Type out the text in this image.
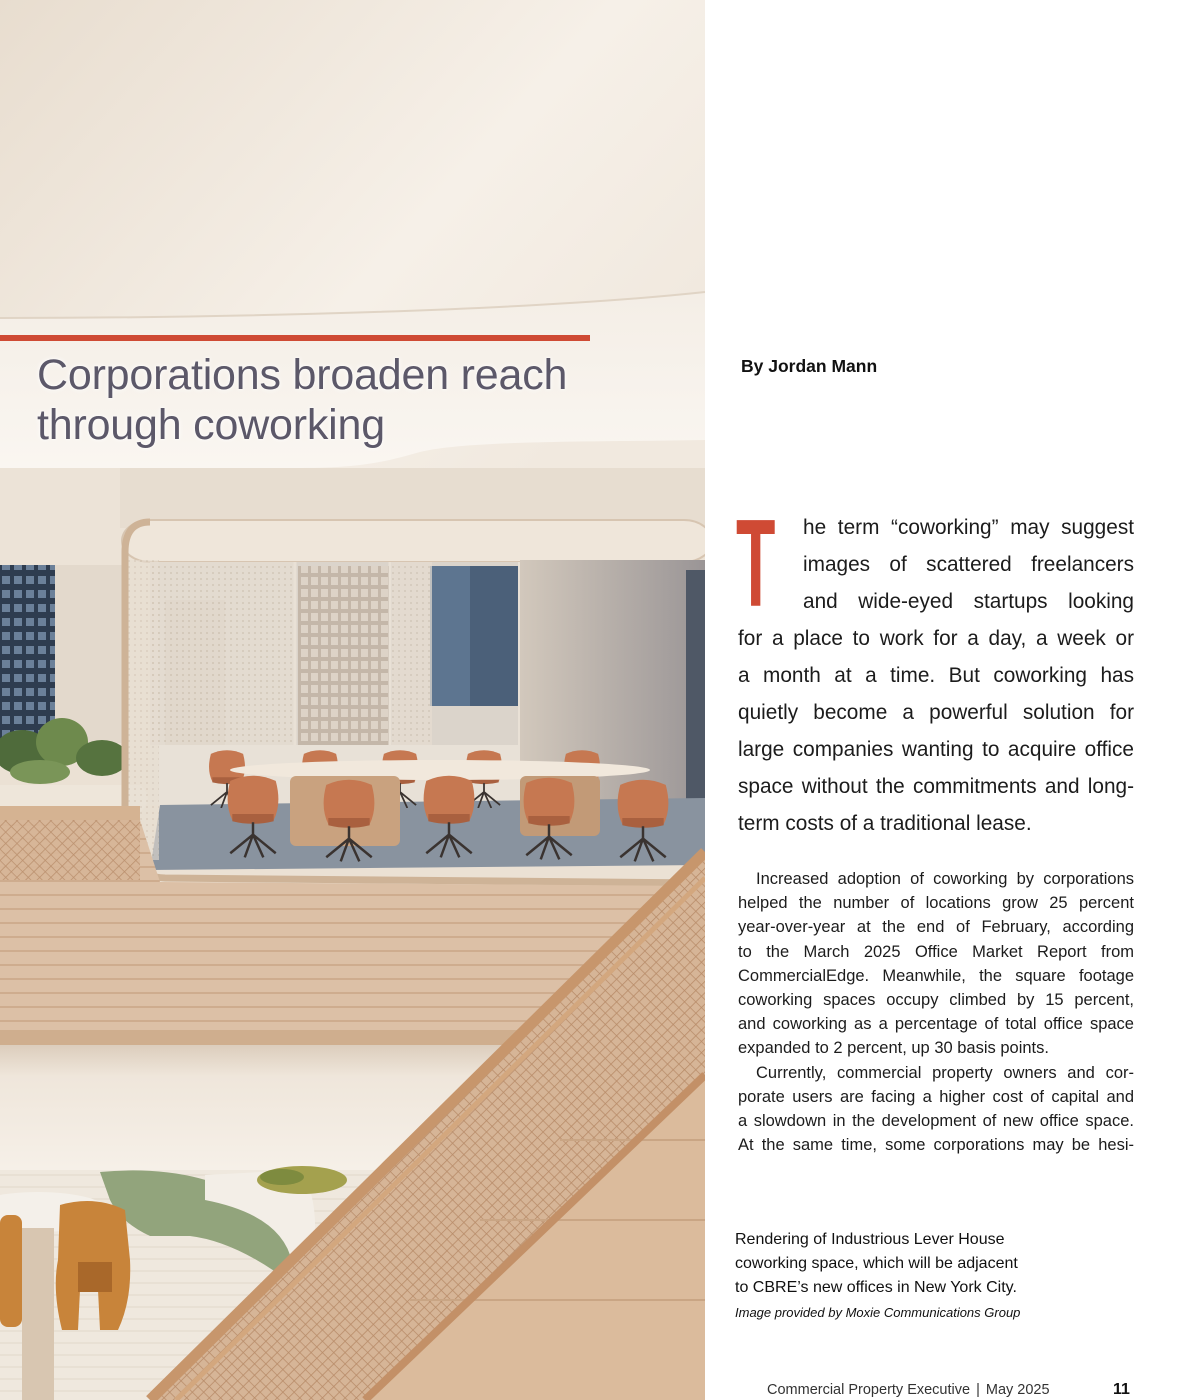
Corporations broaden reach
through coworking
By Jordan Mann
T he term “coworking” may suggest
images of scattered freelancers
and wide-eyed startups looking
for a place to work for a day, a week or
a month at a time. But coworking has
quietly become a powerful solution for
large companies wanting to acquire office
space without the commitments and long-
term costs of a traditional lease.
Increased adoption of coworking by corporations
helped the number of locations grow 25 percent
year-over-year at the end of February, according
to the March 2025 Office Market Report from
CommercialEdge. Meanwhile, the square footage
coworking spaces occupy climbed by 15 percent,
and coworking as a percentage of total office space
expanded to 2 percent, up 30 basis points.
Currently, commercial property owners and cor-
porate users are facing a higher cost of capital and
a slowdown in the development of new office space.
At the same time, some corporations may be hesi-
Rendering of Industrious Lever House
coworking space, which will be adjacent
to CBRE’s new offices in New York City.
Image provided by Moxie Communications Group
Commercial Property Executive | May 2025	11
